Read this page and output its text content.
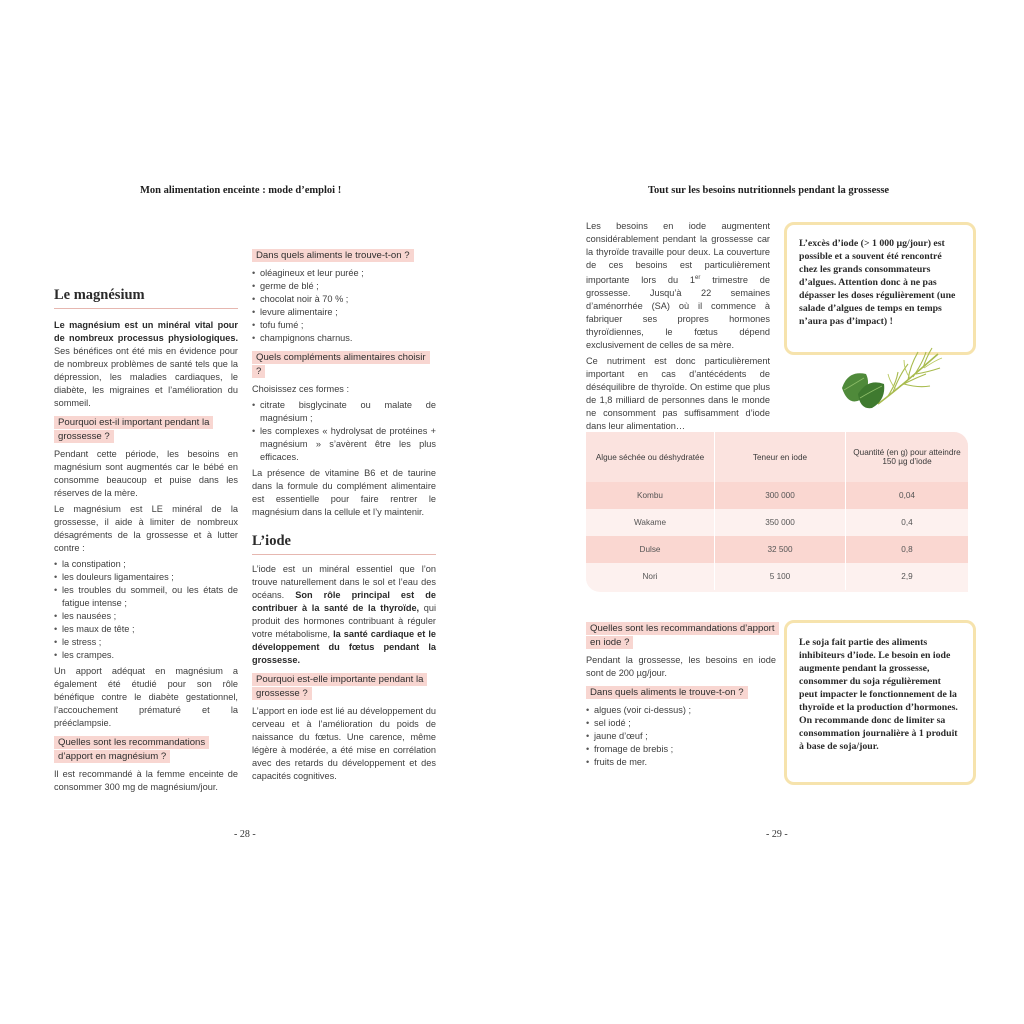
Mon alimentation enceinte : mode d’emploi !
Le magnésium

Le magnésium est un minéral vital pour de nombreux processus physiologiques. Ses bénéfices ont été mis en évidence pour de nombreux problèmes de santé tels que la dépression, les maladies cardiaques, le diabète, les migraines et l’amélioration du sommeil.

Pourquoi est-il important pendant la grossesse ?

Pendant cette période, les besoins en magnésium sont augmentés car le bébé en consomme beaucoup et puise dans les réserves de la mère.

Le magnésium est LE minéral de la grossesse, il aide à limiter de nombreux désagréments de la grossesse et à lutter contre :

• la constipation ;
• les douleurs ligamentaires ;
• les troubles du sommeil, ou les états de fatigue intense ;
• les nausées ;
• les maux de tête ;
• le stress ;
• les crampes.

Un apport adéquat en magnésium a également été étudié pour son rôle bénéfique contre le diabète gestationnel, l’accouchement prématuré et la prééclampsie.

Quelles sont les recommandations d’apport en magnésium ?

Il est recommandé à la femme enceinte de consommer 300 mg de magnésium/jour.

Dans quels aliments le trouve-t-on ?
• oléagineux et leur purée ;
• germe de blé ;
• chocolat noir à 70 % ;
• levure alimentaire ;
• tofu fumé ;
• champignons charnus.
Quels compléments alimentaires choisir ?

Choisissez ces formes :

• citrate bisglycinate ou malate de magnésium ;
• les complexes « hydrolysat de protéines + magnésium » s’avèrent être les plus efficaces.

La présence de vitamine B6 et de taurine dans la formule du complément alimentaire est essentielle pour faire rentrer le magnésium dans la cellule et l’y maintenir.

L’iode

L’iode est un minéral essentiel que l’on trouve naturellement dans le sol et l’eau des océans. Son rôle principal est de contribuer à la santé de la thyroïde, qui produit des hormones contribuant à réguler votre métabolisme, la santé cardiaque et le développement du fœtus pendant la grossesse.

Pourquoi est-elle importante pendant la grossesse ?

L’apport en iode est lié au développement du cerveau et à l’amélioration du poids de naissance du fœtus. Une carence, même légère à modérée, a été mise en corrélation avec des retards du développement et des capacités cognitives.

- 28 -
Tout sur les besoins nutritionnels pendant la grossesse

Les besoins en iode augmentent considérablement pendant la grossesse car la thyroïde travaille pour deux. La couverture de ces besoins est particulièrement importante lors du 1er trimestre de grossesse. Jusqu’à 22 semaines d’aménorrhée (SA) où il commence à fabriquer ses propres hormones thyroïdiennes, le fœtus dépend exclusivement de celles de sa mère.

Ce nutriment est donc particulièrement important en cas d’antécédents de déséquilibre de thyroïde. On estime que plus de 1,8 milliard de personnes dans le monde ne consomment pas suffisamment d’iode dans leur alimentation…

L’excès d’iode (> 1 000 µg/jour) est possible et a souvent été rencontré chez les grands consommateurs d’algues. Attention donc à ne pas dépasser les doses régulièrement (une salade d’algues de temps en temps n’aura pas d’impact) !
Algue séchée ou déshydratée	Teneur en iode	Quantité (en g) pour atteindre 150 µg d’iode
Kombu	300 000	0,04
Wakame	350 000	0,4
Dulse	32 500	0,8
Nori	5 100	2,9
Quelles sont les recommandations d’apport en iode ?

Pendant la grossesse, les besoins en iode sont de 200 µg/jour.

Dans quels aliments le trouve-t-on ?
• algues (voir ci-dessus) ;
• sel iodé ;
• jaune d’œuf ;
• fromage de brebis ;
• fruits de mer.
Le soja fait partie des aliments inhibiteurs d’iode. Le besoin en iode augmente pendant la grossesse, consommer du soja régulièrement peut impacter le fonctionnement de la thyroïde et la production d’hormones. On recommande donc de limiter sa consommation journalière à 1 produit à base de soja/jour.
- 29 -
